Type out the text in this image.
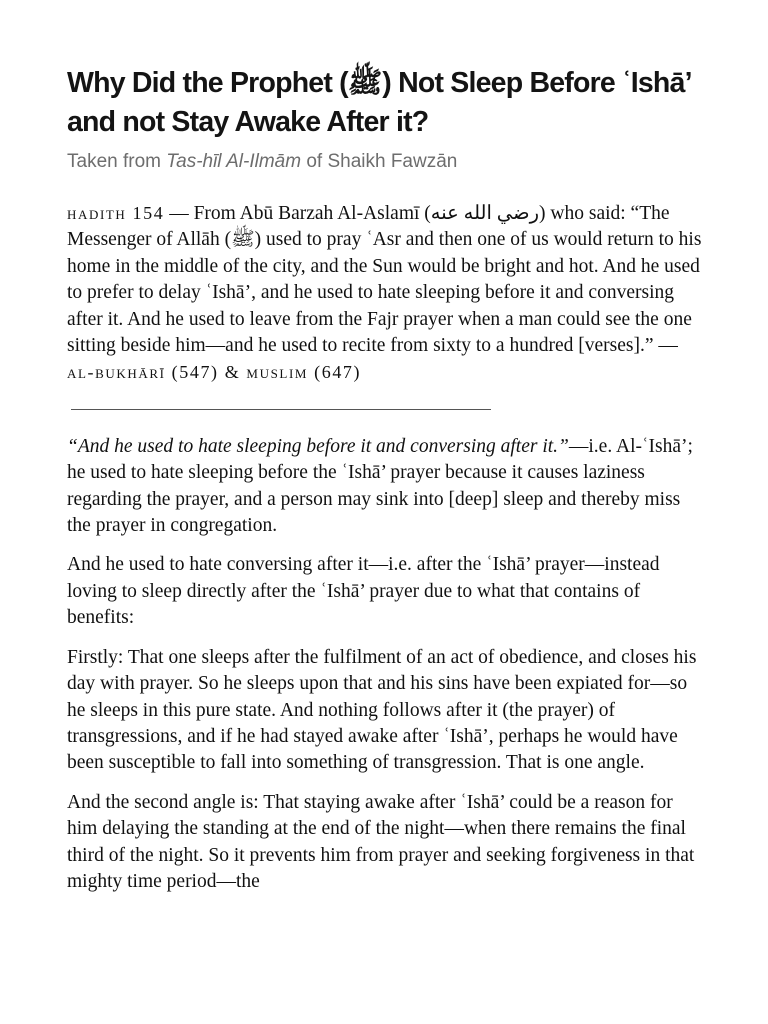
Why Did the Prophet (ﷺ) Not Sleep Before ʿIshā’ and not Stay Awake After it?

Taken from Tas-hīl Al-Ilmām of Shaikh Fawzān

hadith 154 — From Abū Barzah Al-Aslamī (رضي الله عنه) who said: “The Messenger of Allāh (ﷺ) used to pray ʿAsr and then one of us would return to his home in the middle of the city, and the Sun would be bright and hot. And he used to prefer to delay ʿIshā’, and he used to hate sleeping before it and conversing after it. And he used to leave from the Fajr prayer when a man could see the one sitting beside him—and he used to recite from sixty to a hundred [verses].” — al-bukhārī (547) & muslim (647)

“And he used to hate sleeping before it and conversing after it.”—i.e. Al-ʿIshā’; he used to hate sleeping before the ʿIshā’ prayer because it causes laziness regarding the prayer, and a person may sink into [deep] sleep and thereby miss the prayer in congregation.

And he used to hate conversing after it—i.e. after the ʿIshā’ prayer—instead loving to sleep directly after the ʿIshā’ prayer due to what that contains of benefits:

Firstly: That one sleeps after the fulfilment of an act of obedience, and closes his day with prayer. So he sleeps upon that and his sins have been expiated for—so he sleeps in this pure state. And nothing follows after it (the prayer) of transgressions, and if he had stayed awake after ʿIshā’, perhaps he would have been susceptible to fall into something of transgression. That is one angle.

And the second angle is: That staying awake after ʿIshā’ could be a reason for him delaying the standing at the end of the night—when there remains the final third of the night. So it prevents him from prayer and seeking forgiveness in that mighty time period—the
